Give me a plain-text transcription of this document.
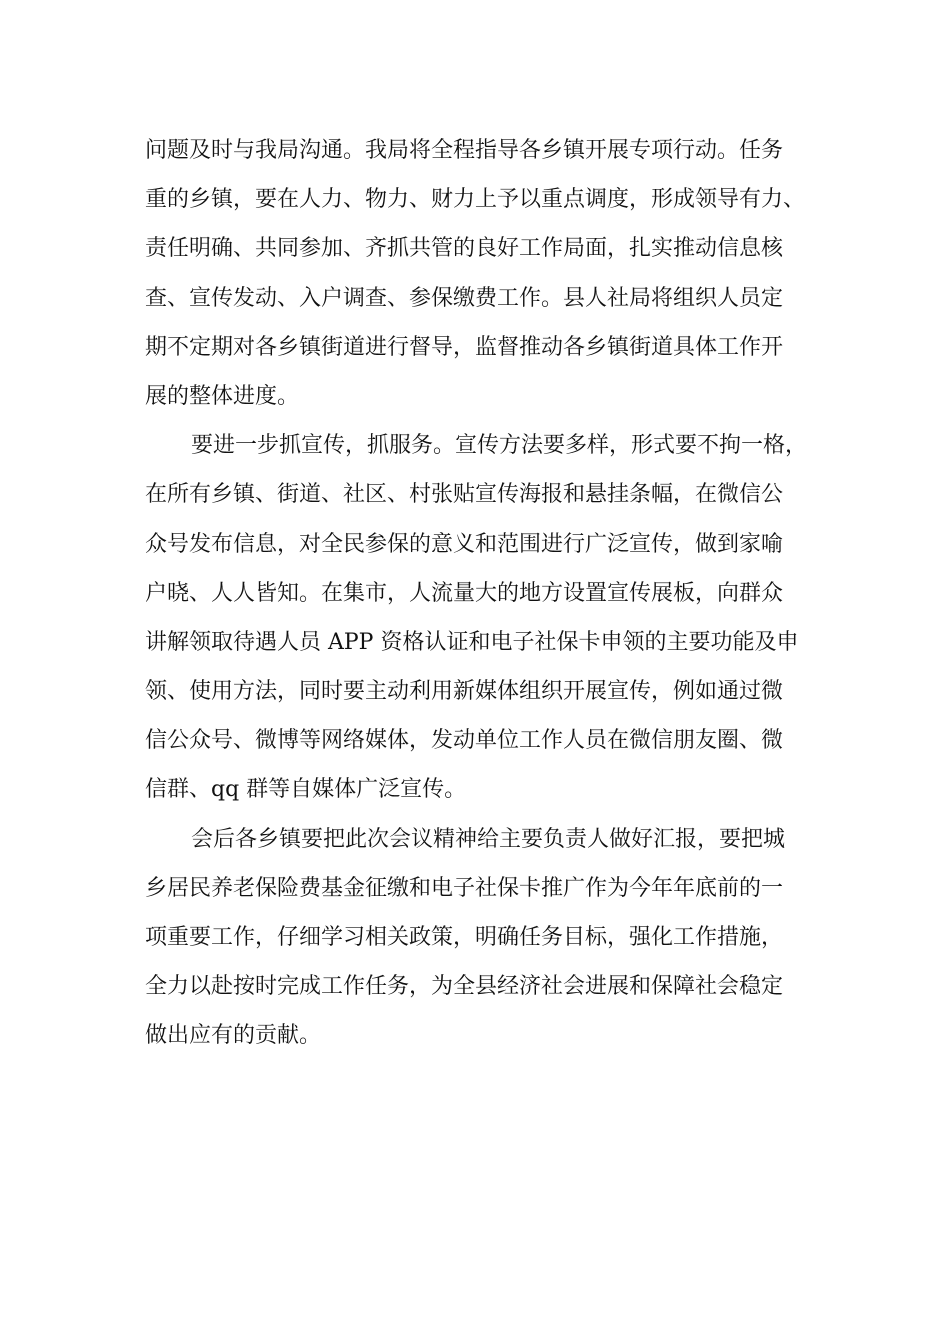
问题及时与我局沟通。我局将全程指导各乡镇开展专项行动。任务
重的乡镇，要在人力、物力、财力上予以重点调度，形成领导有力、
责任明确、共同参加、齐抓共管的良好工作局面，扎实推动信息核
查、宣传发动、入户调查、参保缴费工作。县人社局将组织人员定
期不定期对各乡镇街道进行督导，监督推动各乡镇街道具体工作开
展的整体进度。
要进一步抓宣传，抓服务。宣传方法要多样，形式要不拘一格，
在所有乡镇、街道、社区、村张贴宣传海报和悬挂条幅，在微信公
众号发布信息，对全民参保的意义和范围进行广泛宣传，做到家喻
户晓、人人皆知。在集市，人流量大的地方设置宣传展板，向群众
讲解领取待遇人员 APP 资格认证和电子社保卡申领的主要功能及申
领、使用方法，同时要主动利用新媒体组织开展宣传，例如通过微
信公众号、微博等网络媒体，发动单位工作人员在微信朋友圈、微
信群、qq 群等自媒体广泛宣传。
会后各乡镇要把此次会议精神给主要负责人做好汇报，要把城
乡居民养老保险费基金征缴和电子社保卡推广作为今年年底前的一
项重要工作，仔细学习相关政策，明确任务目标，强化工作措施，
全力以赴按时完成工作任务，为全县经济社会进展和保障社会稳定
做出应有的贡献。
